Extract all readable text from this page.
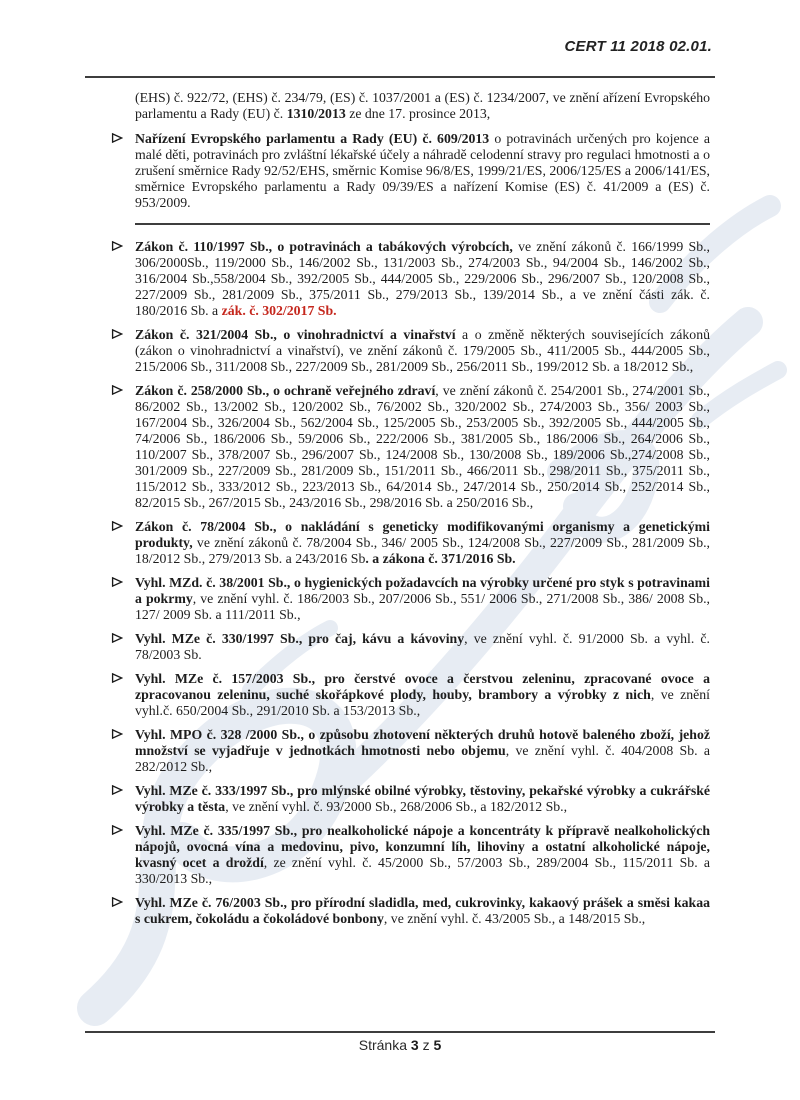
CERT 11 2018 02.01.

(EHS) č. 922/72, (EHS) č. 234/79, (ES) č. 1037/2001 a (ES) č. 1234/2007, ve znění ařízení Evropského parlamentu a Rady (EU) č. 1310/2013 ze dne 17. prosince 2013,

Nařízení Evropského parlamentu a Rady (EU) č. 609/2013 o potravinách určených pro kojence a malé děti, potravinách pro zvláštní lékařské účely a náhradě celodenní stravy pro regulaci hmotnosti a o zrušení směrnice Rady 92/52/EHS, směrnic Komise 96/8/ES, 1999/21/ES, 2006/125/ES a 2006/141/ES, směrnice Evropského parlamentu a Rady 09/39/ES a nařízení Komise (ES) č. 41/2009 a (ES) č. 953/2009.
Zákon č. 110/1997 Sb., o potravinách a tabákových výrobcích, ve znění zákonů č. 166/1999 Sb., 306/2000Sb., 119/2000 Sb., 146/2002 Sb., 131/2003 Sb., 274/2003 Sb., 94/2004 Sb., 146/2002 Sb., 316/2004 Sb.,558/2004 Sb., 392/2005 Sb., 444/2005 Sb., 229/2006 Sb., 296/2007 Sb., 120/2008 Sb., 227/2009 Sb., 281/2009 Sb., 375/2011 Sb., 279/2013 Sb., 139/2014 Sb., a ve znění části zák. č. 180/2016 Sb. a zák. č. 302/2017 Sb.
Zákon č. 321/2004 Sb., o vinohradnictví a vinařství a o změně některých souvisejících zákonů (zákon o vinohradnictví a vinařství), ve znění zákonů č. 179/2005 Sb., 411/2005 Sb., 444/2005 Sb., 215/2006 Sb., 311/2008 Sb., 227/2009 Sb., 281/2009 Sb., 256/2011 Sb., 199/2012 Sb. a 18/2012 Sb.,
Zákon č. 258/2000 Sb., o ochraně veřejného zdraví, ve znění zákonů č. 254/2001 Sb., 274/2001 Sb., 86/2002 Sb., 13/2002 Sb., 120/2002 Sb., 76/2002 Sb., 320/2002 Sb., 274/2003 Sb., 356/ 2003 Sb., 167/2004 Sb., 326/2004 Sb., 562/2004 Sb., 125/2005 Sb., 253/2005 Sb., 392/2005 Sb., 444/2005 Sb., 74/2006 Sb., 186/2006 Sb., 59/2006 Sb., 222/2006 Sb., 381/2005 Sb., 186/2006 Sb., 264/2006 Sb., 110/2007 Sb., 378/2007 Sb., 296/2007 Sb., 124/2008 Sb., 130/2008 Sb., 189/2006 Sb.,274/2008 Sb., 301/2009 Sb., 227/2009 Sb., 281/2009 Sb., 151/2011 Sb., 466/2011 Sb., 298/2011 Sb., 375/2011 Sb., 115/2012 Sb., 333/2012 Sb., 223/2013 Sb., 64/2014 Sb., 247/2014 Sb., 250/2014 Sb., 252/2014 Sb., 82/2015 Sb., 267/2015 Sb., 243/2016 Sb., 298/2016 Sb. a 250/2016 Sb.,
Zákon č. 78/2004 Sb., o nakládání s geneticky modifikovanými organismy a genetickými produkty, ve znění zákonů č. 78/2004 Sb., 346/ 2005 Sb., 124/2008 Sb., 227/2009 Sb., 281/2009 Sb., 18/2012 Sb., 279/2013 Sb. a 243/2016 Sb. a zákona č. 371/2016 Sb.
Vyhl. MZd. č. 38/2001 Sb., o hygienických požadavcích na výrobky určené pro styk s potravinami a pokrmy, ve znění vyhl. č. 186/2003 Sb., 207/2006 Sb., 551/ 2006 Sb., 271/2008 Sb., 386/ 2008 Sb., 127/ 2009 Sb. a 111/2011 Sb.,
Vyhl. MZe č. 330/1997 Sb., pro čaj, kávu a kávoviny, ve znění vyhl. č. 91/2000 Sb. a vyhl. č. 78/2003 Sb.
Vyhl. MZe č. 157/2003 Sb., pro čerstvé ovoce a čerstvou zeleninu, zpracované ovoce a zpracovanou zeleninu, suché skořápkové plody, houby, brambory a výrobky z nich, ve znění vyhl.č. 650/2004 Sb., 291/2010 Sb. a 153/2013 Sb.,
Vyhl. MPO č. 328 /2000 Sb., o způsobu zhotovení některých druhů hotově baleného zboží, jehož množství se vyjadřuje v jednotkách hmotnosti nebo objemu, ve znění vyhl. č. 404/2008 Sb. a 282/2012 Sb.,
Vyhl. MZe č. 333/1997 Sb., pro mlýnské obilné výrobky, těstoviny, pekařské výrobky a cukrářské výrobky a těsta, ve znění vyhl. č. 93/2000 Sb., 268/2006 Sb., a 182/2012 Sb.,
Vyhl. MZe č. 335/1997 Sb., pro nealkoholické nápoje a koncentráty k přípravě nealkoholických nápojů, ovocná vína a medovinu, pivo, konzumní líh, lihoviny a ostatní alkoholické nápoje, kvasný ocet a droždí, ze znění vyhl. č. 45/2000 Sb., 57/2003 Sb., 289/2004 Sb., 115/2011 Sb. a 330/2013 Sb.,
Vyhl. MZe č. 76/2003 Sb., pro přírodní sladidla, med, cukrovinky, kakaový prášek a směsi kakaa s cukrem, čokoládu a čokoládové bonbony, ve znění vyhl. č. 43/2005 Sb., a 148/2015 Sb.,
Stránka 3 z 5
